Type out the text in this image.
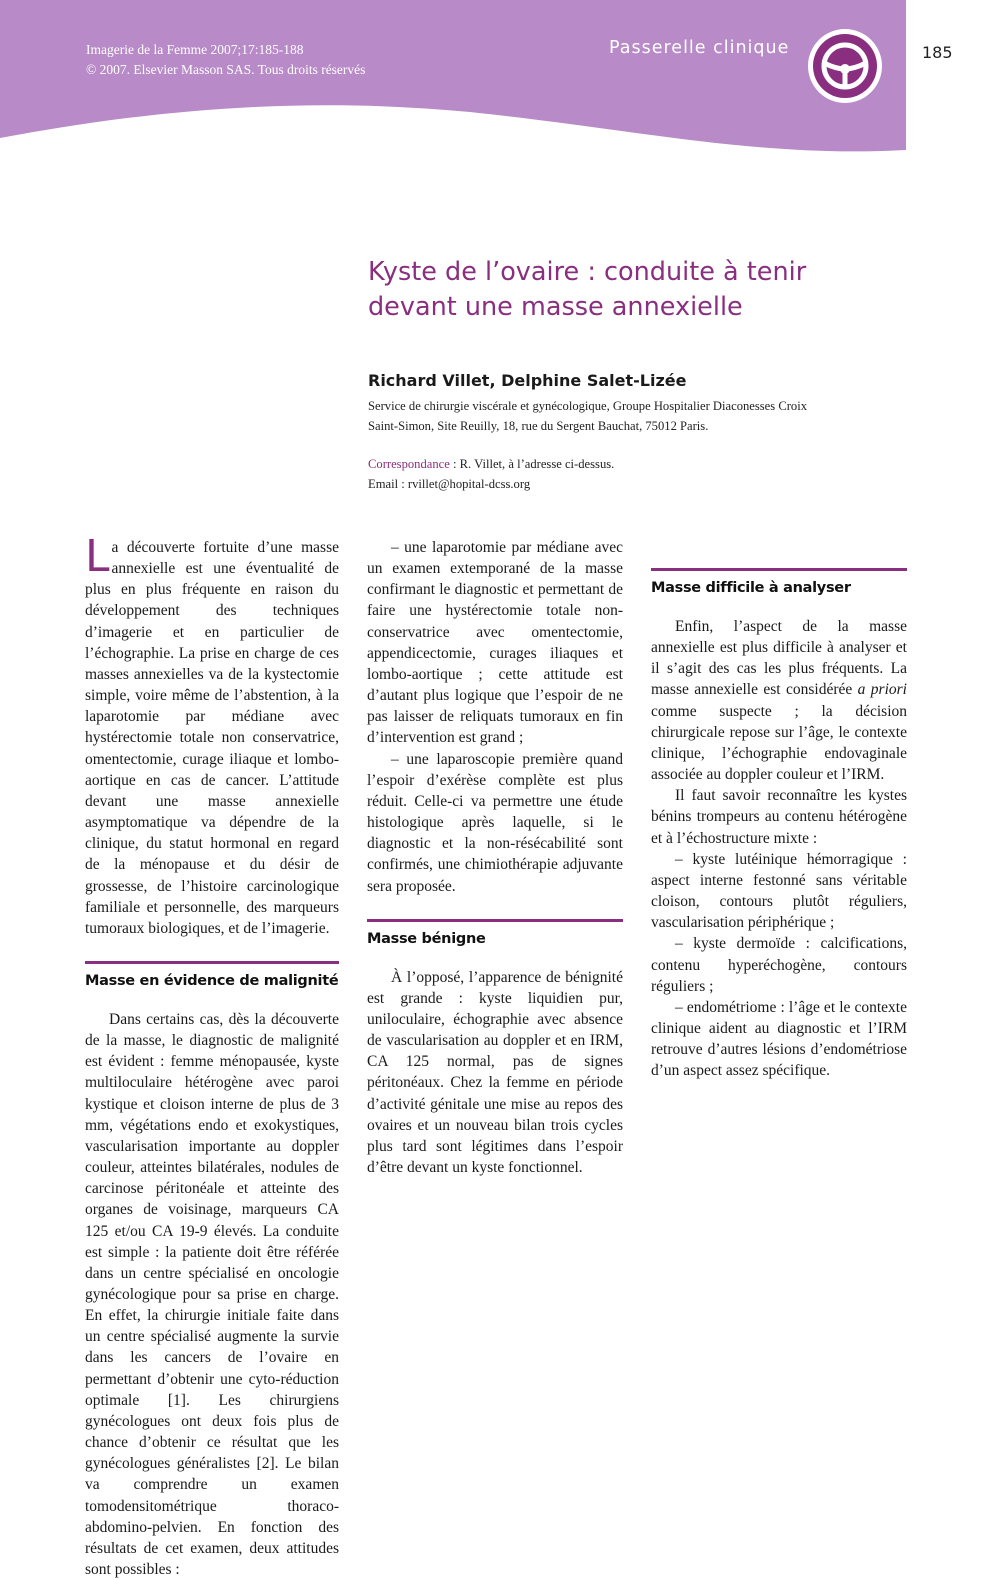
Imagerie de la Femme 2007;17:185-188
© 2007. Elsevier Masson SAS. Tous droits réservés
Passerelle clinique	185
Kyste de l’ovaire : conduite à tenir
devant une masse annexielle
Richard Villet, Delphine Salet-Lizée
Service de chirurgie viscérale et gynécologique, Groupe Hospitalier Diaconesses Croix
Saint-Simon, Site Reuilly, 18, rue du Sergent Bauchat, 75012 Paris.
Correspondance : R. Villet, à l’adresse ci-dessus.
Email : rvillet@hopital-dcss.org

La découverte fortuite d’une masse annexielle est une éventualité de plus en plus fréquente en raison du développement des techniques d’imagerie et en particulier de l’échographie. La prise en charge de ces masses annexielles va de la kystectomie simple, voire même de l’abstention, à la laparotomie par médiane avec hystérectomie totale non conservatrice, omentectomie, curage iliaque et lombo-aortique en cas de cancer. L’attitude devant une masse annexielle asymptomatique va dépendre de la clinique, du statut hormonal en regard de la ménopause et du désir de grossesse, de l’histoire carcinologique familiale et personnelle, des marqueurs tumoraux biologiques, et de l’imagerie.

Masse en évidence de malignité

Dans certains cas, dès la découverte de la masse, le diagnostic de malignité est évident : femme ménopausée, kyste multiloculaire hétérogène avec paroi kystique et cloison interne de plus de 3 mm, végétations endo et exokystiques, vascularisation importante au doppler couleur, atteintes bilatérales, nodules de carcinose péritonéale et atteinte des organes de voisinage, marqueurs CA 125 et/ou CA 19-9 élevés. La conduite est simple : la patiente doit être référée dans un centre spécialisé en oncologie gynécologique pour sa prise en charge. En effet, la chirurgie initiale faite dans un centre spécialisé augmente la survie dans les cancers de l’ovaire en permettant d’obtenir une cyto-réduction optimale [1]. Les chirurgiens gynécologues ont deux fois plus de chance d’obtenir ce résultat que les gynécologues généralistes [2]. Le bilan va comprendre un examen tomodensitométrique thoraco-abdomino-pelvien. En fonction des résultats de cet examen, deux attitudes sont possibles :

– une laparotomie par médiane avec un examen extemporané de la masse confirmant le diagnostic et permettant de faire une hystérectomie totale non-conservatrice avec omentectomie, appendicectomie, curages iliaques et lombo-aortique ; cette attitude est d’autant plus logique que l’espoir de ne pas laisser de reliquats tumoraux en fin d’intervention est grand ;

– une laparoscopie première quand l’espoir d’exérèse complète est plus réduit. Celle-ci va permettre une étude histologique après laquelle, si le diagnostic et la non-résécabilité sont confirmés, une chimiothérapie adjuvante sera proposée.

Masse bénigne

À l’opposé, l’apparence de bénignité est grande : kyste liquidien pur, uniloculaire, échographie avec absence de vascularisation au doppler et en IRM, CA 125 normal, pas de signes péritonéaux. Chez la femme en période d’activité génitale une mise au repos des ovaires et un nouveau bilan trois cycles plus tard sont légitimes dans l’espoir d’être devant un kyste fonctionnel.

Masse difficile à analyser

Enfin, l’aspect de la masse annexielle est plus difficile à analyser et il s’agit des cas les plus fréquents. La masse annexielle est considérée a priori comme suspecte ; la décision chirurgicale repose sur l’âge, le contexte clinique, l’échographie endovaginale associée au doppler couleur et l’IRM.

Il faut savoir reconnaître les kystes bénins trompeurs au contenu hétérogène et à l’échostructure mixte :

– kyste lutéinique hémorragique : aspect interne festonné sans véritable cloison, contours plutôt réguliers, vascularisation périphérique ;

– kyste dermoïde : calcifications, contenu hyperéchogène, contours réguliers ;

– endométriome : l’âge et le contexte clinique aident au diagnostic et l’IRM retrouve d’autres lésions d’endométriose d’un aspect assez spécifique.
